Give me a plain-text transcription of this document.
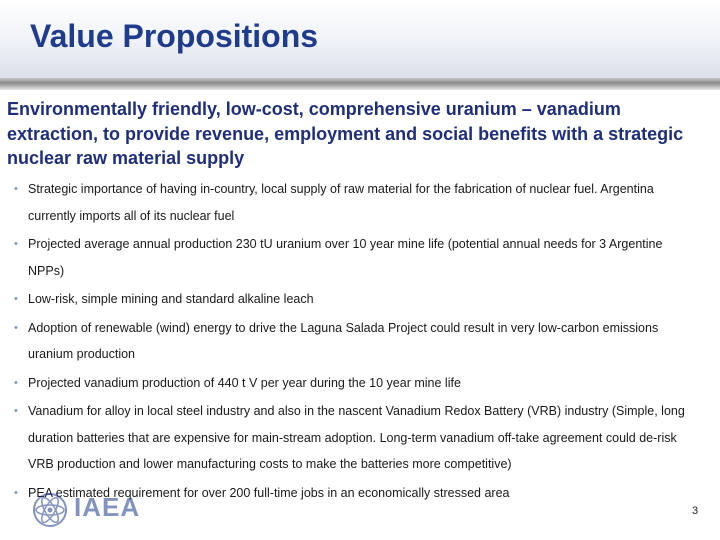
Value Propositions

Environmentally friendly, low-cost, comprehensive uranium – vanadium extraction, to provide revenue, employment and social benefits with a strategic nuclear raw material supply

• Strategic importance of having in-country, local supply of raw material for the fabrication of nuclear fuel. Argentina currently imports all of its nuclear fuel
• Projected average annual production 230 tU uranium over 10 year mine life (potential annual needs for 3 Argentine NPPs)
• Low-risk, simple mining and standard alkaline leach
• Adoption of renewable (wind) energy to drive the Laguna Salada Project could result in very low-carbon emissions uranium production
• Projected vanadium production of 440 t V per year during the 10 year mine life
• Vanadium for alloy in local steel industry and also in the nascent Vanadium Redox Battery (VRB) industry (Simple, long duration batteries that are expensive for main-stream adoption. Long-term vanadium off-take agreement could de-risk VRB production and lower manufacturing costs to make the batteries more competitive)
• PEA estimated requirement for over 200 full-time jobs in an economically stressed area
IAEA	3
